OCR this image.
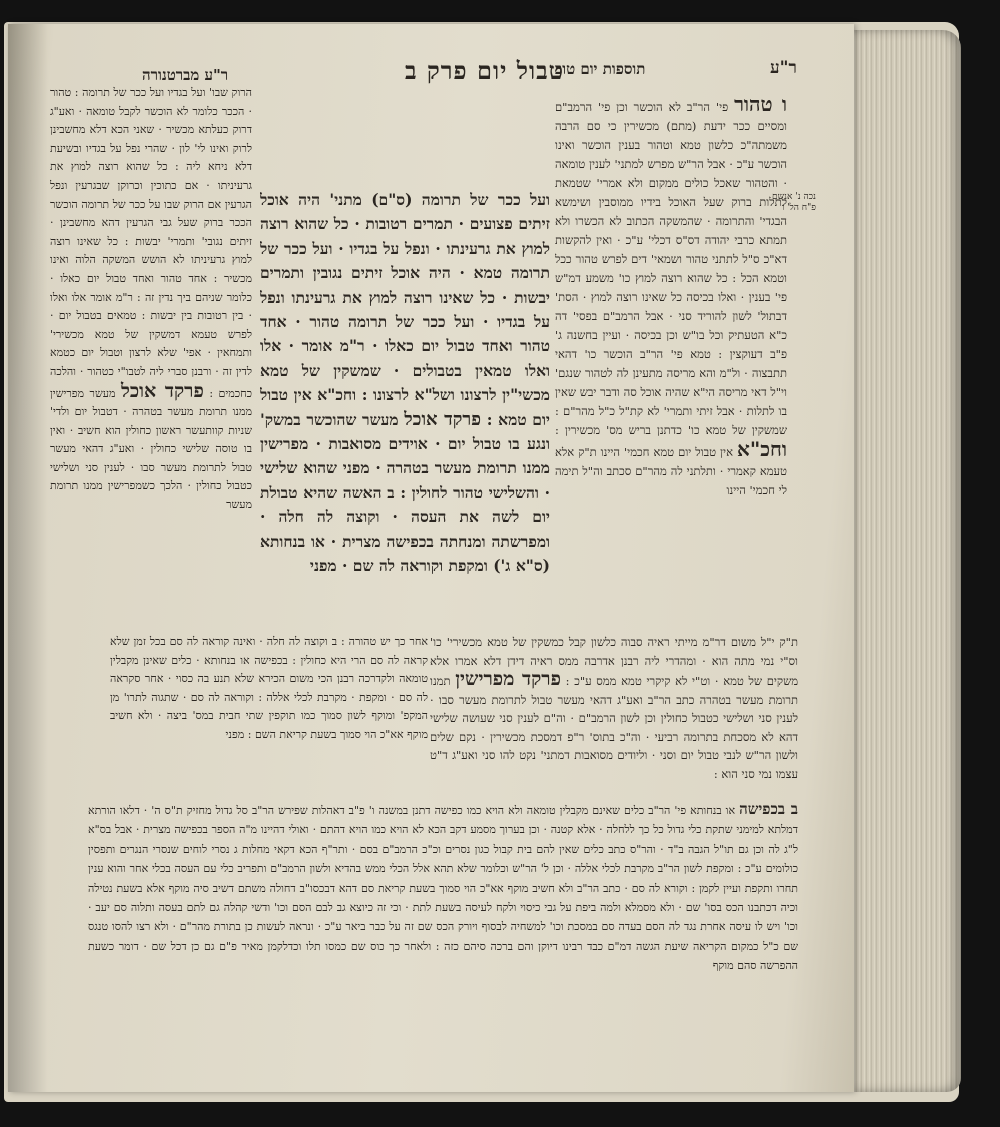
ר"ע
תוספות יום טוב
טבול יום פרק ב
ר"ע מברטנורה
נכה נ' אנשם פ"ח הל' ו

ו טהור פי' הר"ב לא הוכשר וכן פי' הרמב"ם ומסיים ככר ידעת (מתם) מכשירין כי סם הרבה משמתה"כ כלשון טמא וטהור בענין הוכשר ואינו הוכשר ע"כ · אבל הר"ש מפרש למתני' לענין טומאה · והטהור שאכל כולים ממקום ולא אמרי' שטמאת לתלות ברוק שעל האוכל בידיו ממוסבין ושימשא הבגדי' והתרומה · שהמשקה הכתוב לא הכשרו ולא תמתא כרבי יהודה דס"ס דכלי' ע"כ · ואין להקשות דא"כ ס"ל לתתני טהור ושמאי' דים לפרש טהור ככל וטמא הכל : כל שהוא רוצה למוץ כו' משמע דמ"ש פי' בענין · ואלו בכיסה כל שאינו רוצה למוץ · הסת' דבתול' לשון להוריד סני · אבל הרמב"ם בפסי' דה כ"א הטעתיק וכל בו"ש וכן בכיסה · ועיין בחשנה ג' פ"ב דעוקצין : טמא פי' הר"ב הוכשר כו' דהאי תתבצוה · ול"מ והא מריסה מתעינן לה לטהור שנגם' וי"ל דאי מריסה הי"א שהיה אוכל סה ודבר יבש שאין בו לתלות · אבל זיתי ותמרי' לא קת"ל כ"ל מהר"ם : שמשקין של טמא כו' כדתנן בריש מס' מכשירין : וחכ"א אין טבול יום טמא חכמי' היינו ת"ק אלא טעמא קאמרי · ותלתני לה מהר"ם סכתב וה"ל תימה לי חכמי' היינו

ועל ככר של תרומה (ס"ם) מתני' היה אוכל זיתים פצועים · תמרים רטובות · כל שהוא רוצה למוץ את גרעינתו · ונפל על בגדיו · ועל ככר של תרומה טמא · היה אוכל זיתים נגובין ותמרים יבשות · כל שאינו רוצה למוץ את גרעינתו ונפל על בגדיו · ועל ככר של תרומה טהור · אחד טהור ואחד טבול יום כאלו · ר"מ אומר · אלו ואלו טמאין בטבולים · שמשקין של טמא מכשי"ין לרצונו ושל"א לרצונו : וחכ"א אין טבול יום טמא : פרקד אוכל מעשר שהוכשר במשק' ונגע בו טבול יום · אוידים מסואבות · מפרישין ממנו תרומת מעשר בטהרה · מפני שהוא שלישי · והשלישי טהור לחולין : ב האשה שהיא טבולת יום לשה את העסה · וקוצה לה חלה · ומפרשתה ומנחתה בכפישה מצרית · או בנחותא (ס"א ג') ומקפת וקוראה לה שם · מפני

הרוק שבו' ועל בגדיו ועל ככר של תרומה : טהור · הככר כלומר לא הוכשר לקבל טומאה · ואע"ג דרוק כעלתא מכשיר · שאני הכא דלא מחשבינן לרוק ואינו לי' לון · שהרי נפל על בגדיו ובשיעת דלא ניחא ליה : כל שהוא רוצה למוץ את גרעיניתו · אם כתוכין וכרוקן שבגרעין ונפל הגרעין אם הרוק שבו על ככר של תרומה הוכשר הככר ברוק שעל גבי הגרעין דהא מחשבינן · זיתים נגובי' ותמרי' יבשות : כל שאינו רוצה למוץ גרעיניתו לא הושש המשקה הלוה ואינו מכשיר : אחד טהור ואחד טבול יום כאלו · כלומר שניהם ביך נדין זה : ר"מ אומר אלו ואלו · בין רטובות בין יבשות : טמאים בטבול יום · לפרש טעמא דמשקין של טמא מכשירי' ותמחאין · אפי' שלא לרצון וטבול יום כטמא לדין זה · ורבנן סברי ליה לטבו"י כטהור · והלכה כחכמים : פרקד אוכל מעשר מפרישין ממנו תרומת מעשר בטהרה · דטבול יום ולדי' שניות קוותעשר ראשון כחולין הוא חשיב · ואין בו טוסה שלישי כחולין · ואע"ג דהאי מעשר טבול לתרומת מעשר סבו · לענין סני ושלישי כטבול כחולין · הלכך כשמפרישין ממנו תרומת מעשר

ת"ק י"ל משום דר"מ מייתי ראיה סבוה כלשון קבל כמשקין של טמא מכשירי' כו' וס"י נמי מתה הוא · ומהדרי ליה רבנן אדרבה ממס ראיה דידן דלא אמרו אלא משקים של טמא · וט"י לא קיקרי טמא ממס ע"כ : פרקד מפרישין תמנו תרומת מעשר בטהרה כתב הר"ב ואע"ג דהאי מעשר טבול לתרומת מעשר סבו · לענין סני ושלישי כטבול כחולין וכן לשון הרמב"ם · וה"ם לענין סני שעושה שלישי דהא לא מסכחת בתרומה רביעי · וה"כ בתוס' ר"פ דמסכת מכשירין · נקם שלים ולשון הר"ש לנבי טבול יום וסני · וליודים מסואבות דמתני' נקט להו סני ואע"ג ד"ט עצמו נמי סני הוא :

אחר כך יש טהורה : ב וקוצה לה חלה · ואינה קוראה לה סם בכל זמן שלא קראה לה סם הרי היא כחולין : בכפישה או בנחותא · כלים שאינן מקבלין טומאה ולקדרכה רבנן הכי משום הכירא שלא תנע בה כסוי · אחר סקראה לה סם · ומקפת · מקרבת לכלי אללה : וקוראה לה סם · שתגוה לתרו' מן המקפ' ומוקף לשון סמוך כמו תוקפין שתי חבית במס' ביצה · ולא חשיב מוקף אא"כ הוי סמוך בשעת קריאת השם : מפני

ב בכפישה או בנחותא פי' הר"ב כלים שאינם מקבלין טומאה ולא הויא כמו כפישה דתנן במשנה ו' פ"ב דאהלות שפירש הר"ב סל גדול מחזיק ת"ס ה' · דלאו הורתא דמלתא למימני שתקת כלי גדול כל כך ללחלה · אלא קטנה · וכן בערוך מסמע דקב הכא לא הויא כמו הויא דהתם · ואולי דהיינו מ"ה הספר בכפישה מצרית · אבל בס"א ל"ג לה וכן גם תו"ל הגבה ב"ד · והר"ס כתב כלים שאין להם בית קבול כגון נסרים וכ"כ הרמב"ם בסם · ותר"ף הכא דקאי מחלות ג נסרי לוחים שנסרי הנגרים ותפסין כולומים ע"כ : ומקפת לשון הר"ב מקרבת לכלי אללה · וכן ל' הר"ש וכלומר שלא תהא אלל הכלי ממש בהדיא ולשון הרמב"ם ותפריב כלי עם העסה בכלי אחר והוא ענין תחרו ותקפת ועיין לקמן : וקורא לה סם · כתב הר"ב ולא חשיב מוקף אא"כ הוי סמוך בשעת קריאת סם דהא דבכסו"ב דחולה משתם דשיב סיה מוקף אלא בשעת נטילה וכיה דכתבנו הכס בסו' שם · ולא מסמלא ולמה ביפת על גבי כיסוי ולקח לעיסה בשעת לתת · וכי זה כיוצא גב לבם הסם וכו' ודשי קהלה גם לתם בעסה ותלוה סם יעב · וכו' ויש לו עיסה אחרת נגד לה הסם בעדה סם במסכת וכו' למשחיה לבסוף ויורק הכס שם זה על כבר ביאר ע"כ · ונראה לעשות כן בתורת מהר"ם · ולא רצו להסו טנגס שם כ"ל כמקום הקריאה שיעת הגשה דמ"ם כבד רבינו דיוקן והם ברכה סיהם כזה : ולאחר כך כוס שם כמסו תלו וכדלקמן מאיר פ"ם גם כן דכל שם · דומר כשעת ההפרשה סהם מוקף
